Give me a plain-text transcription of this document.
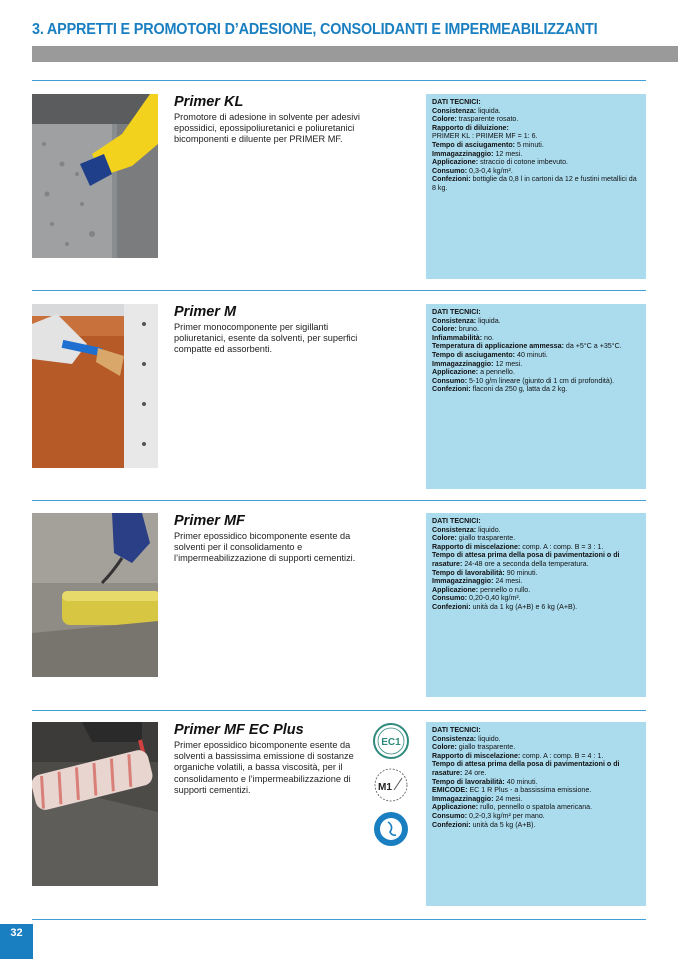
3. APPRETTI E PROMOTORI D’ADESIONE, CONSOLIDANTI E IMPERMEABILIZZANTI
Primer KL
Promotore di adesione in solvente per adesivi epossidici, epossipoliuretanici e poliuretanici bicomponenti e diluente per PRIMER MF.
DATI TECNICI:
Consistenza: liquida.
Colore: trasparente rosato.
Rapporto di diluizione:
PRIMER KL : PRIMER MF = 1: 6.
Tempo di asciugamento: 5 minuti.
Immagazzinaggio: 12 mesi.
Applicazione: straccio di cotone imbevuto.
Consumo: 0,3-0,4 kg/m².
Confezioni: bottiglie da 0,8 l in cartoni da 12 e fustini metallici da 8 kg.
Primer M
Primer monocomponente per sigillanti poliuretanici, esente da solventi, per superfici compatte ed assorbenti.
DATI TECNICI:
Consistenza: liquida.
Colore: bruno.
Infiammabilità: no.
Temperatura di applicazione ammessa: da +5°C a +35°C.
Tempo di asciugamento: 40 minuti.
Immagazzinaggio: 12 mesi.
Applicazione: a pennello.
Consumo: 5-10 g/m lineare (giunto di 1 cm di profondità).
Confezioni: flaconi da 250 g, latta da 2 kg.
Primer MF
Primer epossidico bicomponente esente da solventi per il consolidamento e l’impermeabilizzazione di supporti cementizi.
DATI TECNICI:
Consistenza: liquido.
Colore: giallo trasparente.
Rapporto di miscelazione: comp. A : comp. B = 3 : 1.
Tempo di attesa prima della posa di pavimentazioni o di rasature: 24-48 ore a seconda della temperatura.
Tempo di lavorabilità: 90 minuti.
Immagazzinaggio: 24 mesi.
Applicazione: pennello o rullo.
Consumo: 0,20-0,40 kg/m².
Confezioni: unità da 1 kg (A+B) e 6 kg (A+B).
Primer MF EC Plus
Primer epossidico bicomponente esente da solventi a bassissima emissione di sostanze organiche volatili, a bassa viscosità, per il consolidamento e l’impermeabilizzazione di supporti cementizi.
EC1
M1
DATI TECNICI:
Consistenza: liquido.
Colore: giallo trasparente.
Rapporto di miscelazione: comp. A : comp. B = 4 : 1.
Tempo di attesa prima della posa di pavimentazioni o di rasature: 24 ore.
Tempo di lavorabilità: 40 minuti.
EMICODE: EC 1 R Plus - a bassissima emissione.
Immagazzinaggio: 24 mesi.
Applicazione: rullo, pennello o spatola americana.
Consumo: 0,2-0,3 kg/m² per mano.
Confezioni: unità da 5 kg (A+B).
32
